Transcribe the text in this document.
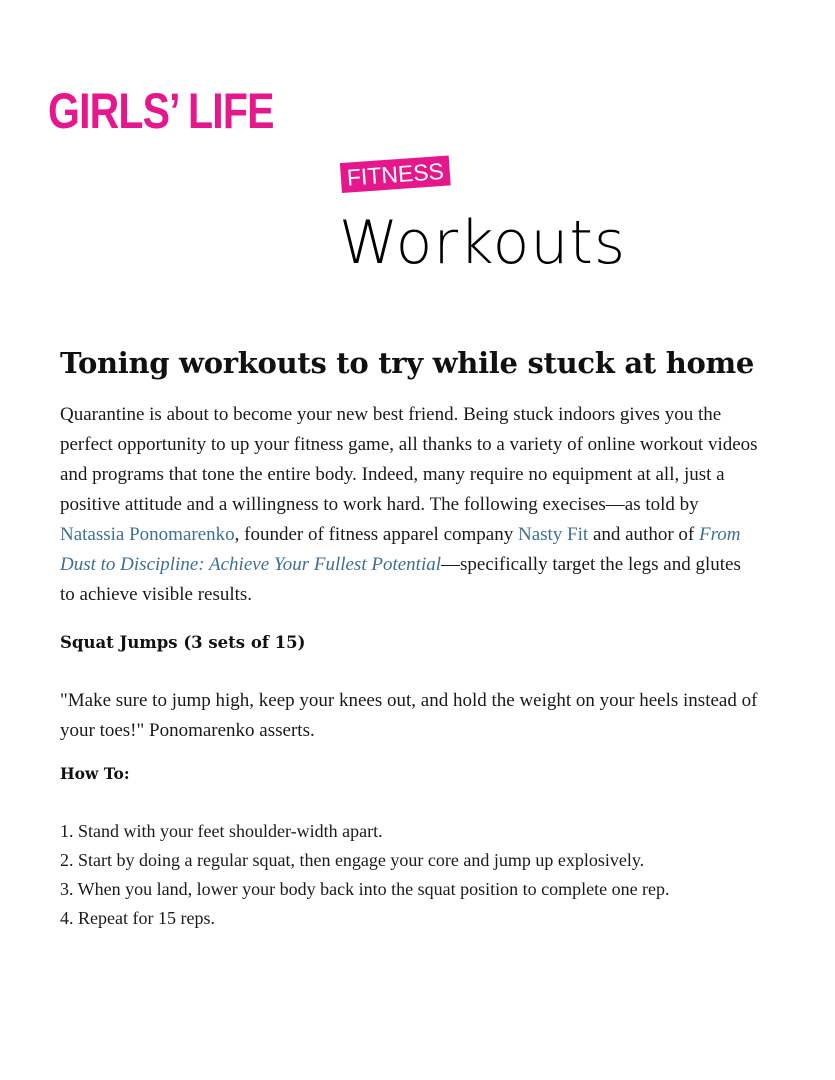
GIRLS’ LIFE
FITNESS
Workouts
Toning workouts to try while stuck at home

Quarantine is about to become your new best friend. Being stuck indoors gives you the perfect opportunity to up your fitness game, all thanks to a variety of online workout videos and programs that tone the entire body. Indeed, many require no equipment at all, just a positive attitude and a willingness to work hard. The following execises—as told by Natassia Ponomarenko, founder of fitness apparel company Nasty Fit and author of From Dust to Discipline: Achieve Your Fullest Potential—specifically target the legs and glutes to achieve visible results.

Squat Jumps (3 sets of 15)

"Make sure to jump high, keep your knees out, and hold the weight on your heels instead of your toes!" Ponomarenko asserts.

How To:
1. Stand with your feet shoulder-width apart.
2. Start by doing a regular squat, then engage your core and jump up explosively.
3. When you land, lower your body back into the squat position to complete one rep.
4. Repeat for 15 reps.
